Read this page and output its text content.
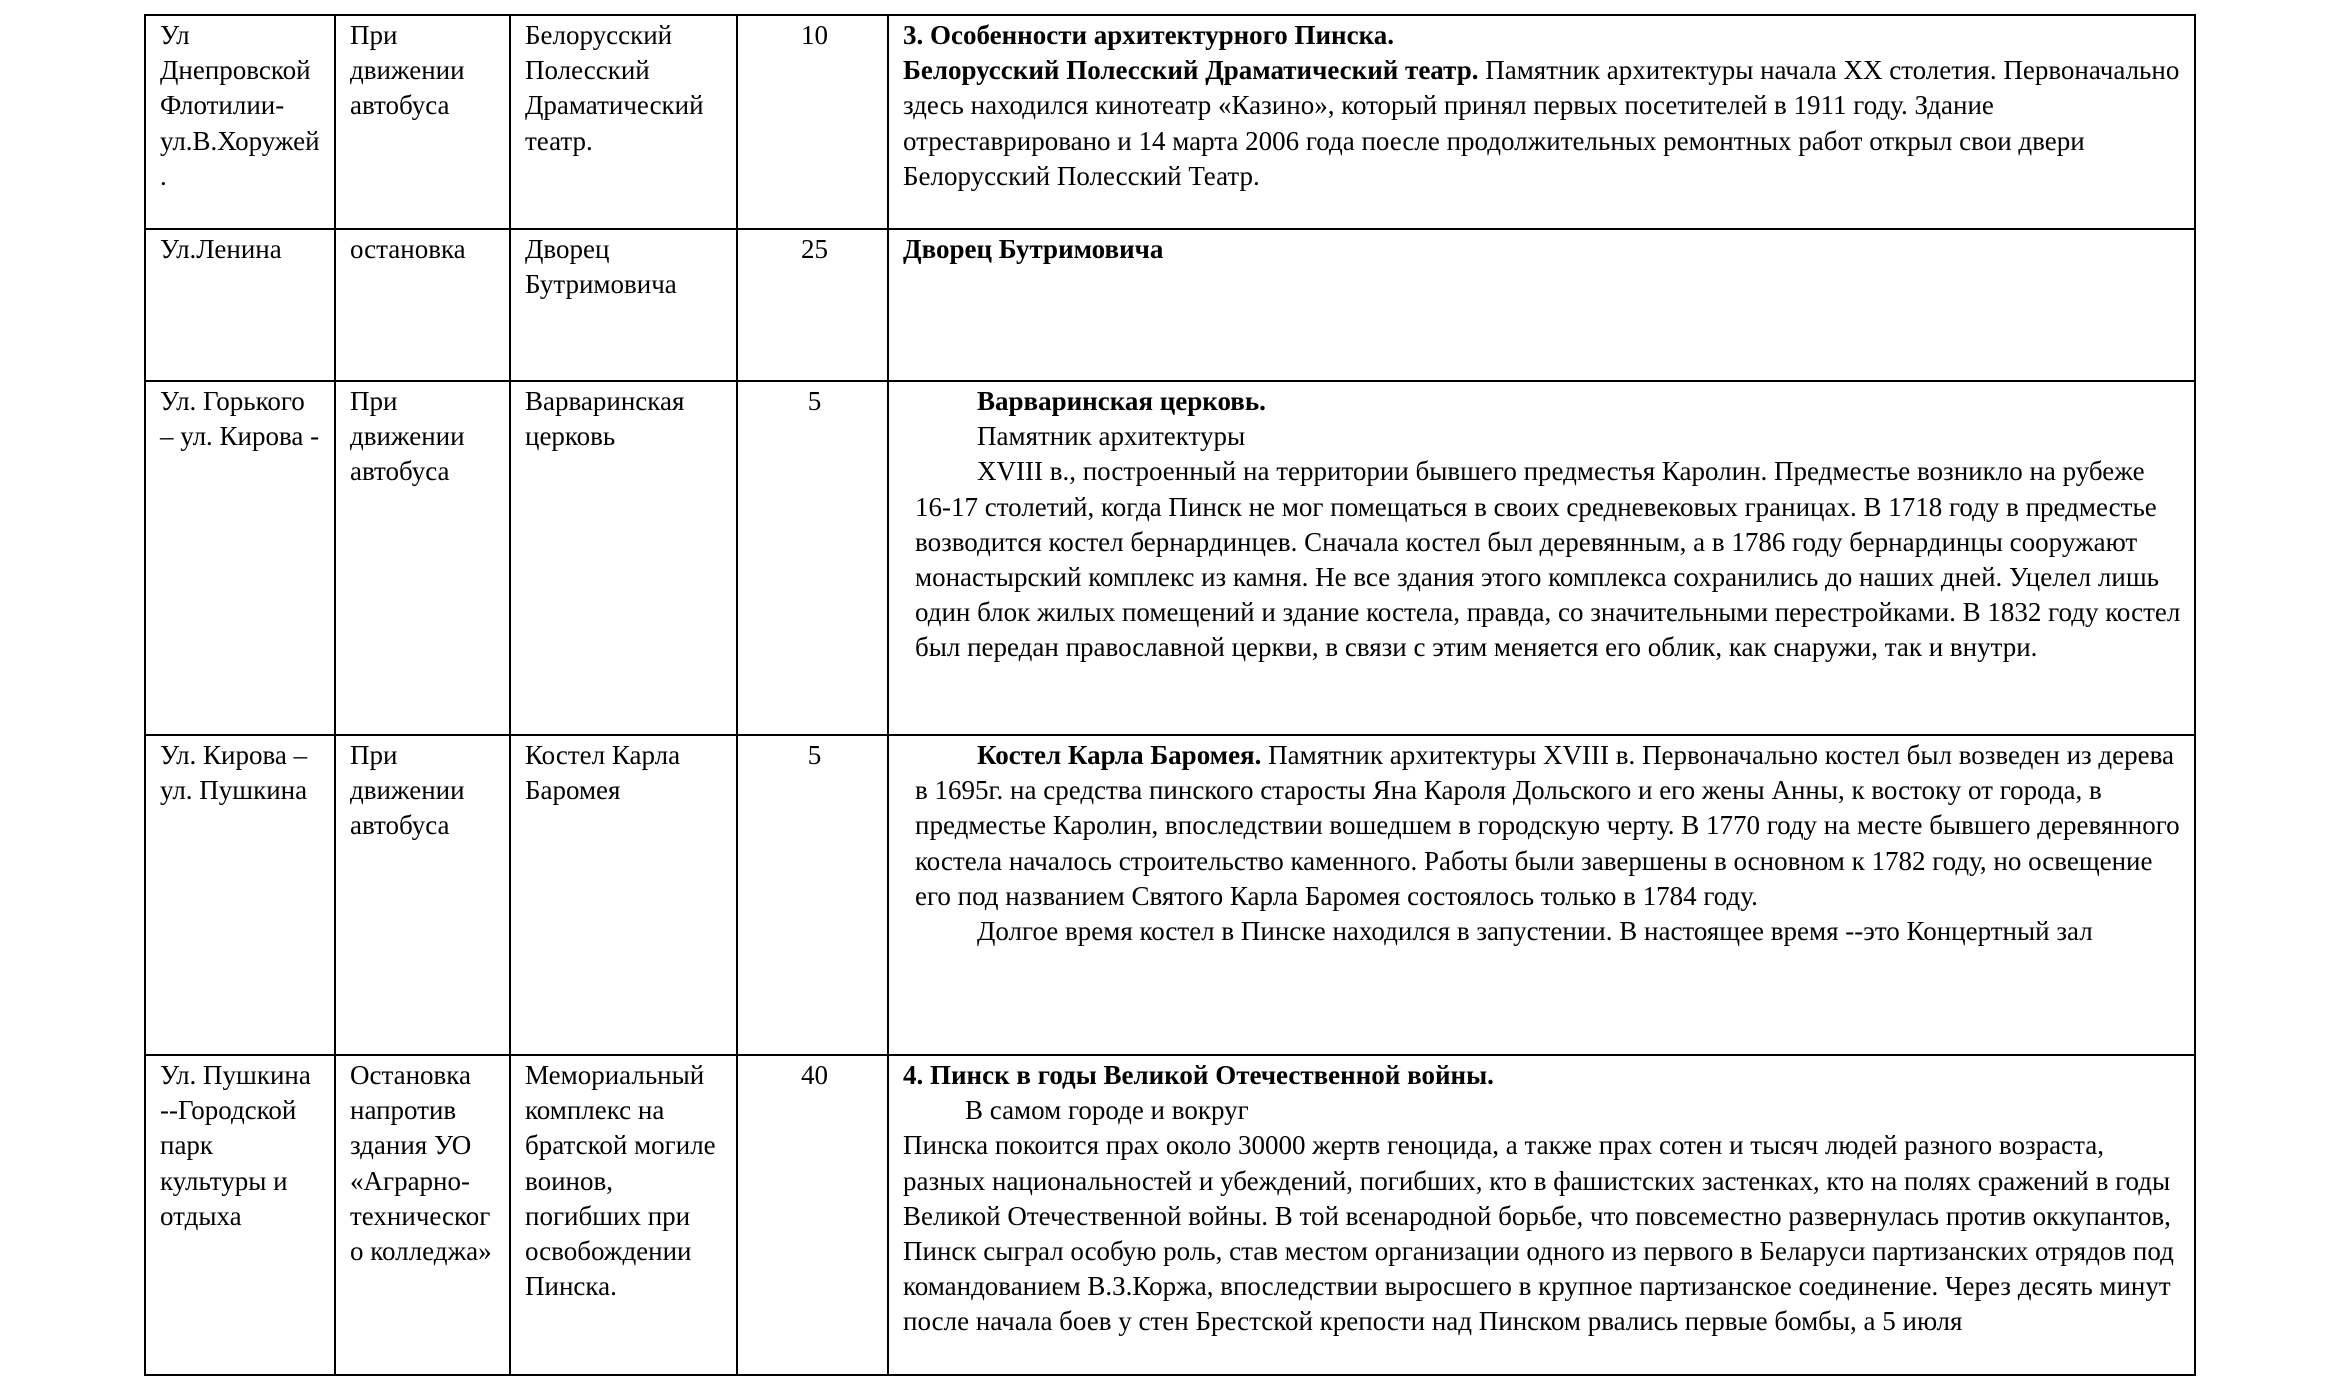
Ул Днепровской Флотилии-ул.В.Хоружей.	При движении автобуса	Белорусский Полесский Драматический театр.	10	3. Особенности архитектурного Пинска.
Белорусский Полесский Драматический театр. Памятник архитектуры начала XX столетия. Первоначально здесь находился кинотеатр «Казино», который принял первых посетителей в 1911 году. Здание отреставрировано и 14 марта 2006 года поесле продолжительных ремонтных работ открыл свои двери Белорусский Полесский Театр.

Ул.Ленина	остановка	Дворец Бутримовича	25	Дворец Бутримовича

Ул. Горького – ул. Кирова -	При движении автобуса	Варваринская церковь	5	Варваринская церковь.
Памятник архитектуры
XVIII в., построенный на территории бывшего предместья Каролин. Предместье возникло на рубеже 16-17 столетий, когда Пинск не мог помещаться в своих средневековых границах. В 1718 году в предместье возводится костел бернардинцев. Сначала костел был деревянным, а в 1786 году бернардинцы сооружают монастырский комплекс из камня. Не все здания этого комплекса сохранились до наших дней. Уцелел лишь один блок жилых помещений и здание костела, правда, со значительными перестройками. В 1832 году костел был передан православной церкви, в связи с этим меняется его облик, как снаружи, так и внутри.

Ул. Кирова –ул. Пушкина	При движении автобуса	Костел Карла Баромея	5	Костел Карла Баромея. Памятник архитектуры XVIII в. Первоначально костел был возведен из дерева в 1695г. на средства пинского старосты Яна Кароля Дольского и его жены Анны, к востоку от города, в предместье Каролин, впоследствии вошедшем в городскую черту. В 1770 году на месте бывшего деревянного костела началось строительство каменного. Работы были завершены в основном к 1782 году, но освещение его под названием Святого Карла Баромея состоялось только в 1784 году.
Долгое время костел в Пинске находился в запустении. В настоящее время --это Концертный зал

Ул. Пушкина --Городской парк культуры и отдыха	Остановка напротив здания УО «Аграрно-технического колледжа»	Мемориальный комплекс на братской могиле воинов, погибших при освобождении Пинска.	40	4. Пинск в годы Великой Отечественной войны.
В самом городе и вокруг
Пинска покоится прах около 30000 жертв геноцида, а также прах сотен и тысяч людей разного возраста, разных национальностей и убеждений, погибших, кто в фашистских застенках, кто на полях сражений в годы Великой Отечественной войны. В той всенародной борьбе, что повсеместно развернулась против оккупантов, Пинск сыграл особую роль, став местом организации одного из первого в Беларуси партизанских отрядов под командованием В.З.Коржа, впоследствии выросшего в крупное партизанское соединение. Через десять минут после начала боев у стен Брестской крепости над Пинском рвались первые бомбы, а 5 июля
